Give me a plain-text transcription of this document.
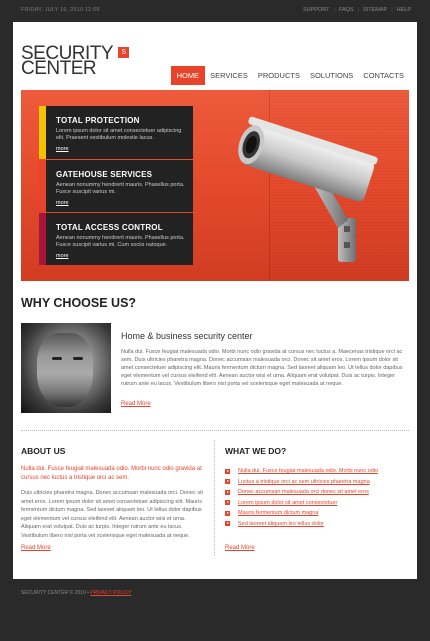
FRIDAY, JULY 16, 2010 12:08	SUPPORT | FAQS | SITEMAP | HELP
SECURITY
CENTER
S
HOME	SERVICES	PRODUCTS	SOLUTIONS	CONTACTS
TOTAL PROTECTION
Lorem ipsum dolor sit amet consectetuer adipiscing elit. Praesent vestibulum molestie lacus.
more
GATEHOUSE SERVICES
Aenean nonummy hendrerit mauris. Phasellus porta. Fusce suscipit varius mi.
more
TOTAL ACCESS CONTROL
Aenean nonummy hendrerit mauris. Phasellus porta. Fusce suscipit varius mi. Cum sociis natoque.
more
WHY CHOOSE US?
Home & business security center
Nulla dui. Fusce feugiat malesuada odio. Morbi nunc odio gravida at cursus nec luctus a. Maecenas tristique orci ac sem. Duis ultricies pharetra magna. Donec accumsan malesuada orci. Donec sit amet eros. Lorem ipsum dolor sit amet consectetuer adipiscing elit. Mauris fermentum dictum magna. Sed laoreet aliquam leo. Ut tellus dolor dapibus eget elementum vel cursus eleifend elit. Aenean auctor wisi et urna. Aliquam erat volutpat. Duis ac turpis. Integer rutrum ante eu lacus. Vestibulum libero nisl porta vel scelerisque eget malesuada at neque.
Read More
ABOUT US
Nulla dui. Fusce feugiat malesuada odio. Morbi nunc odio gravida at cursus nec luctus a tristique orci ac sem.
Duis ultricies pharetra magna. Donec accumsan malesuada orci. Donec sit amet eros. Lorem ipsum dolor sit amet consectetuer adipiscing elit. Mauris fermentum dictum magna. Sed laoreet aliquam leo. Ut tellus dolor dapibus eget elementum vel cursus eleifend elit. Aenean auctor wisi et urna. Aliquam erat volutpat. Duis ac turpis. Integer rutrum ante eu lacus. Vestibulum libero nisl porta vel scelerisque eget malesuada at neque.
Read More
WHAT WE DO?
Nulla dui. Fusce feugiat malesuada odio. Morbi nunc odio
Luctus a tristique orci ac sem ultricies pharetra magna
Donec accumsan malesuada orci donec sit amet eros
Lorem ipsum dolor sit amet consectetuer
Mauris fermentum dictum magna
Sed laoreet aliquam leo tellus dolor
Read More
SECURITY CENTER © 2010 • PRIVACY POLICY
